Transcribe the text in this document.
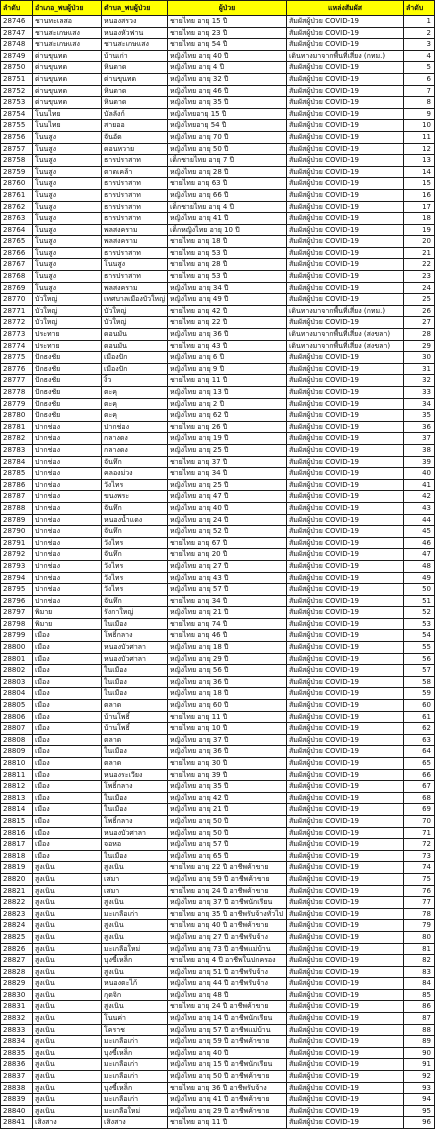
ลำดับ	อำเภอ_พบผู้ป่วย	ตำบล_พบผู้ป่วย	ผู้ป่วย	แหล่งสัมผัส	ลำดับ
28746	ชานทะเลสอ	หนองสรวง	ชายไทย อายุ 15 ปี	สัมผัสผู้ป่วย COVID-19	1
28747	ชานสะเกษแสง	หนองหัวฟาน	ชายไทย อายุ 23 ปี	สัมผัสผู้ป่วย COVID-19	2
28748	ชานสะเกษแสง	ชานสะเกษแสง	ชายไทย อายุ 54 ปี	สัมผัสผู้ป่วย COVID-19	3
28749	ด่านขุนทด	บ้านเก่า	หญิงไทย อายุ 40 ปี	เดินทางมาจากพื้นที่เสี่ยง (กทม.)	4
28750	ด่านขุนทด	หินดาด	หญิงไทย อายุ 4 ปี	สัมผัสผู้ป่วย COVID-19	5
28751	ด่านขุนทด	ด่านขุนทด	หญิงไทย อายุ 32 ปี	สัมผัสผู้ป่วย COVID-19	6
28752	ด่านขุนทด	หินดาด	หญิงไทย อายุ 46 ปี	สัมผัสผู้ป่วย COVID-19	7
28753	ด่านขุนทด	หินดาด	หญิงไทย อายุ 35 ปี	สัมผัสผู้ป่วย COVID-19	8
28754	โนนไทย	บัลลังก์	หญิงไทยอายุ 15 ปี	สัมผัสผู้ป่วย COVID-19	9
28755	โนนไทย	สายออ	หญิงไทยอายุ 54 ปี	สัมผัสผู้ป่วย COVID-19	10
28756	โนนสูง	จันอัด	หญิงไทย อายุ 70 ปี	สัมผัสผู้ป่วย COVID-19	11
28757	โนนสูง	ดอนหวาย	หญิงไทย อายุ 50 ปี	สัมผัสผู้ป่วย COVID-19	12
28758	โนนสูง	ธารปราสาท	เด็กชายไทย อายุ 7 ปี	สัมผัสผู้ป่วย COVID-19	13
28759	โนนสูง	ตาดเคล้า	หญิงไทย อายุ 28 ปี	สัมผัสผู้ป่วย COVID-19	14
28760	โนนสูง	ธารปราสาท	ชายไทย อายุ 63 ปี	สัมผัสผู้ป่วย COVID-19	15
28761	โนนสูง	ธารปราสาท	หญิงไทย อายุ 66 ปี	สัมผัสผู้ป่วย COVID-19	16
28762	โนนสูง	ธารปราสาท	เด็กชายไทย อายุ 4 ปี	สัมผัสผู้ป่วย COVID-19	17
28763	โนนสูง	ธารปราสาท	หญิงไทย อายุ 41 ปี	สัมผัสผู้ป่วย COVID-19	18
28764	โนนสูง	พลสงคราม	เด็กหญิงไทย อายุ 10 ปี	สัมผัสผู้ป่วย COVID-19	19
28765	โนนสูง	พลสงคราม	ชายไทย อายุ 18 ปี	สัมผัสผู้ป่วย COVID-19	20
28766	โนนสูง	ธารปราสาท	ชายไทย อายุ 53 ปี	สัมผัสผู้ป่วย COVID-19	21
28767	โนนสูง	โนนสูง	ชายไทย อายุ 28 ปี	สัมผัสผู้ป่วย COVID-19	22
28768	โนนสูง	ธารปราสาท	ชายไทย อายุ 53 ปี	สัมผัสผู้ป่วย COVID-19	23
28769	โนนสูง	พลสงคราม	หญิงไทย อายุ 34 ปี	สัมผัสผู้ป่วย COVID-19	24
28770	บัวใหญ่	เทศบาลเมืองบัวใหญ่	หญิงไทย อายุ 49 ปี	สัมผัสผู้ป่วย COVID-19	25
28771	บัวใหญ่	บัวใหญ่	ชายไทย อายุ 42 ปี	เดินทางมาจากพื้นที่เสี่ยง (กทม.)	26
28772	บัวใหญ่	บัวใหญ่	ชายไทย อายุ 22 ปี	สัมผัสผู้ป่วย COVID-19	27
28773	ประทาย	ดอนมัน	หญิงไทย อายุ 36 ปี	เดินทางมาจากพื้นที่เสี่ยง (สงขลา)	28
28774	ประทาย	ดอนมัน	ชายไทย อายุ 43 ปี	เดินทางมาจากพื้นที่เสี่ยง (สงขลา)	29
28775	ปักธงชัย	เมืองปัก	หญิงไทย อายุ 6 ปี	สัมผัสผู้ป่วย COVID-19	30
28776	ปักธงชัย	เมืองปัก	หญิงไทย อายุ 9 ปี	สัมผัสผู้ป่วย COVID-19	31
28777	ปักธงชัย	งิ้ว	ชายไทย อายุ 11 ปี	สัมผัสผู้ป่วย COVID-19	32
28778	ปักธงชัย	ตะคุ	หญิงไทย อายุ 13 ปี	สัมผัสผู้ป่วย COVID-19	33
28779	ปักธงชัย	ตะคุ	หญิงไทย อายุ 2 ปี	สัมผัสผู้ป่วย COVID-19	34
28780	ปักธงชัย	ตะคุ	หญิงไทย อายุ 62 ปี	สัมผัสผู้ป่วย COVID-19	35
28781	ปากช่อง	ปากช่อง	ชายไทย อายุ 26 ปี	สัมผัสผู้ป่วย COVID-19	36
28782	ปากช่อง	กลางดง	หญิงไทย อายุ 19 ปี	สัมผัสผู้ป่วย COVID-19	37
28783	ปากช่อง	กลางดง	หญิงไทย อายุ 25 ปี	สัมผัสผู้ป่วย COVID-19	38
28784	ปากช่อง	จันทึก	ชายไทย อายุ 37 ปี	สัมผัสผู้ป่วย COVID-19	39
28785	ปากช่อง	คลองม่วง	ชายไทย อายุ 34 ปี	สัมผัสผู้ป่วย COVID-19	40
28786	ปากช่อง	วังไทร	หญิงไทย อายุ 25 ปี	สัมผัสผู้ป่วย COVID-19	41
28787	ปากช่อง	ขนงพระ	หญิงไทย อายุ 47 ปี	สัมผัสผู้ป่วย COVID-19	42
28788	ปากช่อง	จันทึก	หญิงไทย อายุ 40 ปี	สัมผัสผู้ป่วย COVID-19	43
28789	ปากช่อง	หนองน้ำแดง	หญิงไทย อายุ 24 ปี	สัมผัสผู้ป่วย COVID-19	44
28790	ปากช่อง	จันทึก	หญิงไทย อายุ 52 ปี	สัมผัสผู้ป่วย COVID-19	45
28791	ปากช่อง	วังไทร	ชายไทย อายุ 67 ปี	สัมผัสผู้ป่วย COVID-19	46
28792	ปากช่อง	จันทึก	ชายไทย อายุ 20 ปี	สัมผัสผู้ป่วย COVID-19	47
28793	ปากช่อง	วังไทร	หญิงไทย อายุ 27 ปี	สัมผัสผู้ป่วย COVID-19	48
28794	ปากช่อง	วังไทร	หญิงไทย อายุ 43 ปี	สัมผัสผู้ป่วย COVID-19	49
28795	ปากช่อง	วังไทร	หญิงไทย อายุ 57 ปี	สัมผัสผู้ป่วย COVID-19	50
28796	ปากช่อง	จันทึก	ชายไทย อายุ 34 ปี	สัมผัสผู้ป่วย COVID-19	51
28797	พิมาย	รังกาใหญ่	หญิงไทย อายุ 21 ปี	สัมผัสผู้ป่วย COVID-19	52
28798	พิมาย	ในเมือง	ชายไทย อายุ 74 ปี	สัมผัสผู้ป่วย COVID-19	53
28799	เมือง	โพธิ์กลาง	ชายไทย อายุ 46 ปี	สัมผัสผู้ป่วย COVID-19	54
28800	เมือง	หนองบัวศาลา	หญิงไทย อายุ 18 ปี	สัมผัสผู้ป่วย COVID-19	55
28801	เมือง	หนองบัวศาลา	หญิงไทย อายุ 29 ปี	สัมผัสผู้ป่วย COVID-19	56
28802	เมือง	ในเมือง	หญิงไทย อายุ 56 ปี	สัมผัสผู้ป่วย COVID-19	57
28803	เมือง	ในเมือง	หญิงไทย อายุ 36 ปี	สัมผัสผู้ป่วย COVID-19	58
28804	เมือง	ในเมือง	หญิงไทย อายุ 18 ปี	สัมผัสผู้ป่วย COVID-19	59
28805	เมือง	ตลาด	หญิงไทย อายุ 60 ปี	สัมผัสผู้ป่วย COVID-19	60
28806	เมือง	บ้านโพธิ์	ชายไทย อายุ 11 ปี	สัมผัสผู้ป่วย COVID-19	61
28807	เมือง	บ้านโพธิ์	ชายไทย อายุ 10 ปี	สัมผัสผู้ป่วย COVID-19	62
28808	เมือง	ตลาด	หญิงไทย อายุ 37 ปี	สัมผัสผู้ป่วย COVID-19	63
28809	เมือง	ในเมือง	หญิงไทย อายุ 36 ปี	สัมผัสผู้ป่วย COVID-19	64
28810	เมือง	ตลาด	ชายไทย อายุ 30 ปี	สัมผัสผู้ป่วย COVID-19	65
28811	เมือง	หนองระเวียง	ชายไทย อายุ 39 ปี	สัมผัสผู้ป่วย COVID-19	66
28812	เมือง	โพธิ์กลาง	หญิงไทย อายุ 35 ปี	สัมผัสผู้ป่วย COVID-19	67
28813	เมือง	ในเมือง	หญิงไทย อายุ 42 ปี	สัมผัสผู้ป่วย COVID-19	68
28814	เมือง	ในเมือง	หญิงไทย อายุ 21 ปี	สัมผัสผู้ป่วย COVID-19	69
28815	เมือง	โพธิ์กลาง	หญิงไทย อายุ 50 ปี	สัมผัสผู้ป่วย COVID-19	70
28816	เมือง	หนองบัวศาลา	หญิงไทย อายุ 50 ปี	สัมผัสผู้ป่วย COVID-19	71
28817	เมือง	จอหอ	หญิงไทย อายุ 57 ปี	สัมผัสผู้ป่วย COVID-19	72
28818	เมือง	ในเมือง	หญิงไทย อายุ 65 ปี	สัมผัสผู้ป่วย COVID-19	73
28819	สูงเนิน	สูงเนิน	ชายไทย อายุ 22 ปี อาชีพค้าขาย	สัมผัสผู้ป่วย COVID-19	74
28820	สูงเนิน	เสมา	หญิงไทย อายุ 59 ปี อาชีพค้าขาย	สัมผัสผู้ป่วย COVID-19	75
28821	สูงเนิน	เสมา	ชายไทย อายุ 24 ปี อาชีพค้าขาย	สัมผัสผู้ป่วย COVID-19	76
28822	สูงเนิน	สูงเนิน	หญิงไทย อายุ 37 ปี อาชีพนักเรียน	สัมผัสผู้ป่วย COVID-19	77
28823	สูงเนิน	มะเกลือเก่า	ชายไทย อายุ 35 ปี อาชีพรับจ้างทั่วไป	สัมผัสผู้ป่วย COVID-19	78
28824	สูงเนิน	สูงเนิน	ชายไทย อายุ 40 ปี อาชีพค้าขาย	สัมผัสผู้ป่วย COVID-19	79
28825	สูงเนิน	สูงเนิน	หญิงไทย อายุ 27 ปี อาชีพรับจ้าง	สัมผัสผู้ป่วย COVID-19	80
28826	สูงเนิน	มะเกลือใหม่	หญิงไทย อายุ 73 ปี อาชีพแม่บ้าน	สัมผัสผู้ป่วย COVID-19	81
28827	สูงเนิน	บุงขี้เหล็ก	ชายไทย อายุ 4 ปี อาชีพในปกครอง	สัมผัสผู้ป่วย COVID-19	82
28828	สูงเนิน	สูงเนิน	หญิงไทย อายุ 51 ปี อาชีพรับจ้าง	สัมผัสผู้ป่วย COVID-19	83
28829	สูงเนิน	หนองตะไก้	หญิงไทย อายุ 44 ปี อาชีพรับจ้าง	สัมผัสผู้ป่วย COVID-19	84
28830	สูงเนิน	กุดจิก	หญิงไทย อายุ 48 ปี	สัมผัสผู้ป่วย COVID-19	85
28831	สูงเนิน	สูงเนิน	ชายไทย อายุ 24 ปี อาชีพค้าขาย	สัมผัสผู้ป่วย COVID-19	86
28832	สูงเนิน	โนนค่า	หญิงไทย อายุ 14 ปี อาชีพนักเรียน	สัมผัสผู้ป่วย COVID-19	87
28833	สูงเนิน	โคราช	หญิงไทย อายุ 57 ปี อาชีพแม่บ้าน	สัมผัสผู้ป่วย COVID-19	88
28834	สูงเนิน	มะเกลือเก่า	หญิงไทย อายุ 59 ปี อาชีพค้าขาย	สัมผัสผู้ป่วย COVID-19	89
28835	สูงเนิน	บุงขี้เหล็ก	หญิงไทย อายุ 40 ปี	สัมผัสผู้ป่วย COVID-19	90
28836	สูงเนิน	มะเกลือเก่า	หญิงไทย อายุ 15 ปี อาชีพนักเรียน	สัมผัสผู้ป่วย COVID-19	91
28837	สูงเนิน	มะเกลือเก่า	หญิงไทย อายุ 50 ปี อาชีพค้าขาย	สัมผัสผู้ป่วย COVID-19	92
28838	สูงเนิน	บุงขี้เหล็ก	ชายไทย อายุ 36 ปี อาชีพรับจ้าง	สัมผัสผู้ป่วย COVID-19	93
28839	สูงเนิน	มะเกลือเก่า	หญิงไทย อายุ 41 ปี อาชีพค้าขาย	สัมผัสผู้ป่วย COVID-19	94
28840	สูงเนิน	มะเกลือใหม่	หญิงไทย อายุ 29 ปี อาชีพค้าขาย	สัมผัสผู้ป่วย COVID-19	95
28841	เสิงสาง	เสิงสาง	ชายไทย อายุ 11 ปี	สัมผัสผู้ป่วย COVID-19	96
